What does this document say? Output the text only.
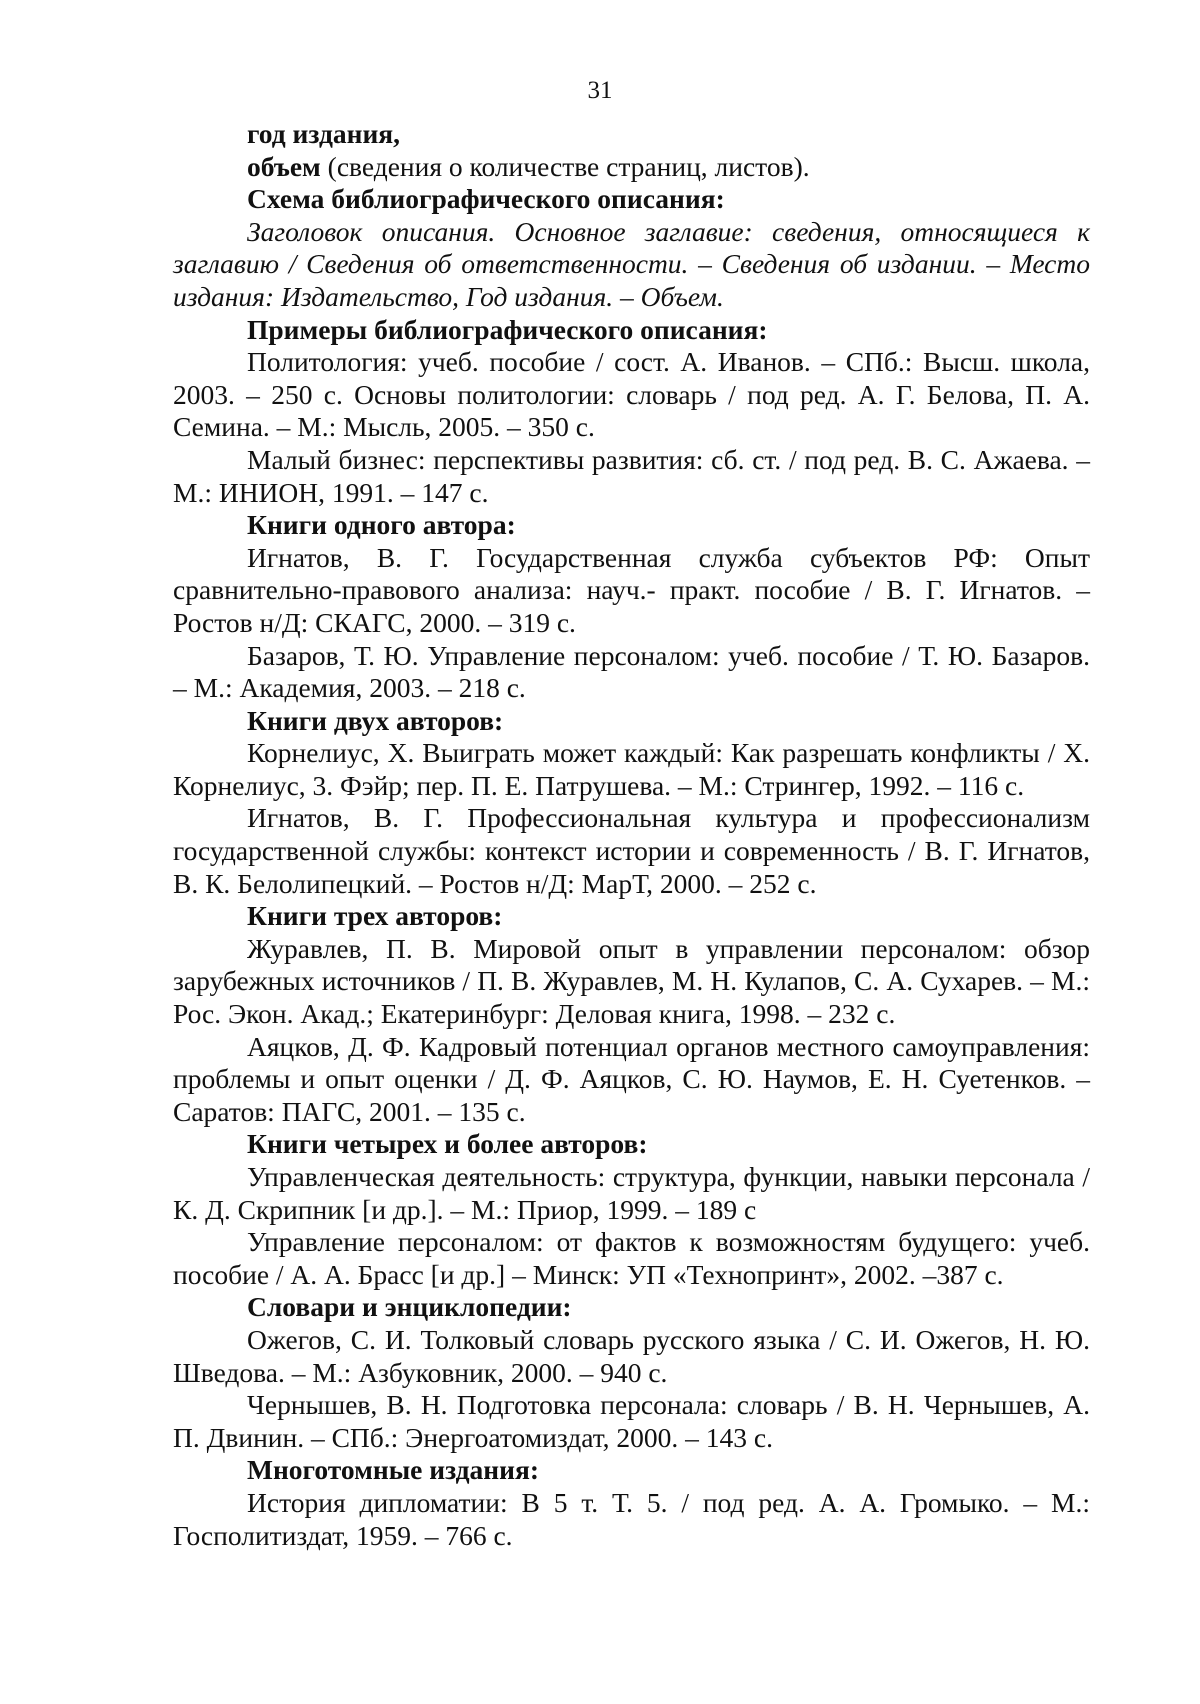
31

год издания,

объем (сведения о количестве страниц, листов).

Схема библиографического описания:

Заголовок описания. Основное заглавие: сведения, относящиеся к заглавию / Сведения об ответственности. – Сведения об издании. – Место издания: Издательство, Год издания. – Объем.

Примеры библиографического описания:

Политология: учеб. пособие / сост. А. Иванов. – СПб.: Высш. школа, 2003. – 250 с. Основы политологии: словарь / под ред. А. Г. Белова, П. А. Семина. – М.: Мысль, 2005. – 350 с.

Малый бизнес: перспективы развития: сб. ст. / под ред. В. С. Ажаева. – М.: ИНИОН, 1991. – 147 с.

Книги одного автора:

Игнатов, В. Г. Государственная служба субъектов РФ: Опыт сравнительно-правового анализа: науч.- практ. пособие / В. Г. Игнатов. – Ростов н/Д: СКАГС, 2000. – 319 с.

Базаров, Т. Ю. Управление персоналом: учеб. пособие / Т. Ю. Базаров. – М.: Академия, 2003. – 218 с.

Книги двух авторов:

Корнелиус, Х. Выиграть может каждый: Как разрешать конфликты / Х. Корнелиус, 3. Фэйр; пер. П. Е. Патрушева. – М.: Стрингер, 1992. – 116 с.

Игнатов, В. Г. Профессиональная культура и профессионализм государственной службы: контекст истории и современность / В. Г. Игнатов, В. К. Белолипецкий. – Ростов н/Д: МарТ, 2000. – 252 с.

Книги трех авторов:

Журавлев, П. В. Мировой опыт в управлении персоналом: обзор зарубежных источников / П. В. Журавлев, М. Н. Кулапов, С. А. Сухарев. – М.: Рос. Экон. Акад.; Екатеринбург: Деловая книга, 1998. – 232 с.

Аяцков, Д. Ф. Кадровый потенциал органов местного самоуправления: проблемы и опыт оценки / Д. Ф. Аяцков, С. Ю. Наумов, Е. Н. Суетенков. – Саратов: ПАГС, 2001. – 135 с.

Книги четырех и более авторов:

Управленческая деятельность: структура, функции, навыки персонала / К. Д. Скрипник [и др.]. – М.: Приор, 1999. – 189 с

Управление персоналом: от фактов к возможностям будущего: учеб. пособие / А. А. Брасс [и др.] – Минск: УП «Технопринт», 2002. –387 с.

Словари и энциклопедии:

Ожегов, С. И. Толковый словарь русского языка / С. И. Ожегов, Н. Ю. Шведова. – М.: Азбуковник, 2000. – 940 с.

Чернышев, В. Н. Подготовка персонала: словарь / В. Н. Чернышев, А. П. Двинин. – СПб.: Энергоатомиздат, 2000. – 143 с.

Многотомные издания:

История дипломатии: В 5 т. Т. 5. / под ред. А. А. Громыко. – М.: Госполитиздат, 1959. – 766 с.
